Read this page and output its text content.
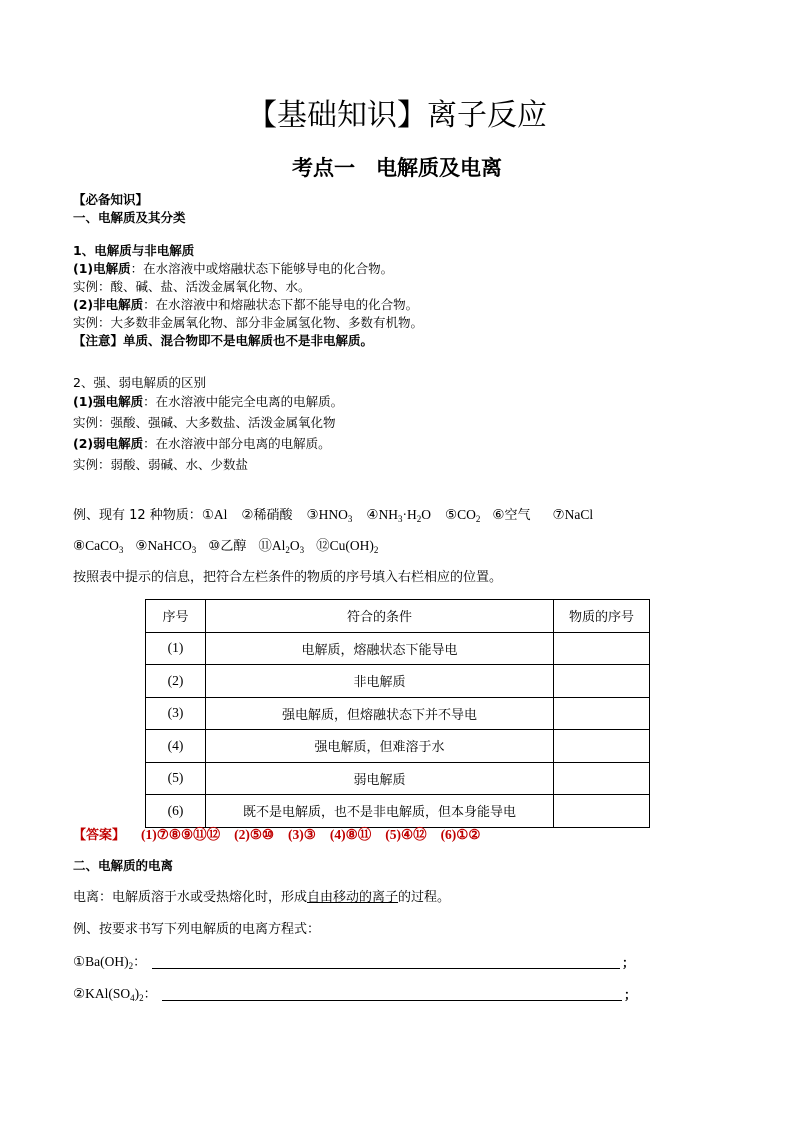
【基础知识】离子反应
考点一　电解质及电离
【必备知识】
一、电解质及其分类
1、电解质与非电解质
(1)电解质：在水溶液中或熔融状态下能够导电的化合物。
实例：酸、碱、盐、活泼金属氧化物、水。
(2)非电解质：在水溶液中和熔融状态下都不能导电的化合物。
实例：大多数非金属氧化物、部分非金属氢化物、多数有机物。
【注意】单质、混合物即不是电解质也不是非电解质。
2、强、弱电解质的区别
(1)强电解质：在水溶液中能完全电离的电解质。
实例：强酸、强碱、大多数盐、活泼金属氧化物
(2)弱电解质：在水溶液中部分电离的电解质。
实例：弱酸、弱碱、水、少数盐
例、现有 12 种物质：①Al ②稀硝酸 $③HNO_3$ $④NH_3\cdot H_2O$ $⑤CO_2$ ⑥空气 ⑦NaCl
⑧CaCO$_3$ ⑨NaHCO$_3$ ⑩乙醇 $⑪Al_2O_3$ $⑫Cu(OH)_2$
按照表中提示的信息，把符合左栏条件的物质的序号填入右栏相应的位置。
序号	符合的条件	物质的序号
(1)	电解质，熔融状态下能导电	
(2)	非电解质	
(3)	强电解质，但熔融状态下并不导电	
(4)	强电解质，但难溶于水	
(5)	弱电解质	
(6)	既不是电解质，也不是非电解质，但本身能导电	
【答案】 (1)⑦⑧⑨⑪⑫ (2)⑤⑩ (3)③ (4)⑧⑪ (5)④⑫ (6)①②
二、电解质的电离
电离：电解质溶于水或受热熔化时，形成自由移动的离子的过程。
例、按要求书写下列电解质的电离方程式：
$①Ba(OH)_2$：	；
$②KAl(SO_4)_2$：	；
